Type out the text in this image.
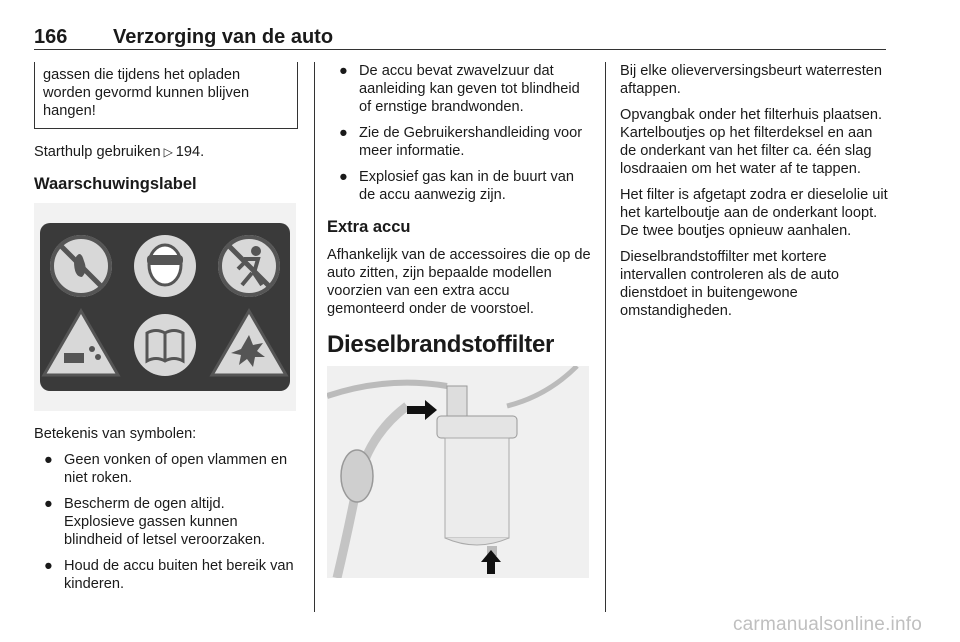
166 Verzorging van de auto

gassen die tijdens het opladen

worden gevormd kunnen blijven

hangen!

Starthulp gebruiken ▷ 194.

Waarschuwingslabel

Betekenis van symbolen:

● Geen vonken of open vlammen en niet roken.
● Bescherm de ogen altijd. Explosieve gassen kunnen blindheid of letsel veroorzaken.
● Houd de accu buiten het bereik van kinderen.
● De accu bevat zwavelzuur dat aanleiding kan geven tot blindheid of ernstige brandwonden.
● Zie de Gebruikershandleiding voor meer informatie.
● Explosief gas kan in de buurt van de accu aanwezig zijn.
Extra accu

Afhankelijk van de accessoires die op de auto zitten, zijn bepaalde modellen voorzien van een extra accu gemonteerd onder de voorstoel.

Dieselbrandstoffilter

Bij elke olieverversingsbeurt waterresten aftappen.

Opvangbak onder het filterhuis plaatsen. Kartelboutjes op het filterdeksel en aan de onderkant van het filter ca. één slag losdraaien om het water af te tappen.

Het filter is afgetapt zodra er dieselolie uit het kartelboutje aan de onderkant loopt. De twee boutjes opnieuw aanhalen.

Dieselbrandstoffilter met kortere intervallen controleren als de auto dienstdoet in buitengewone omstandigheden.

carmanualsonline.info
